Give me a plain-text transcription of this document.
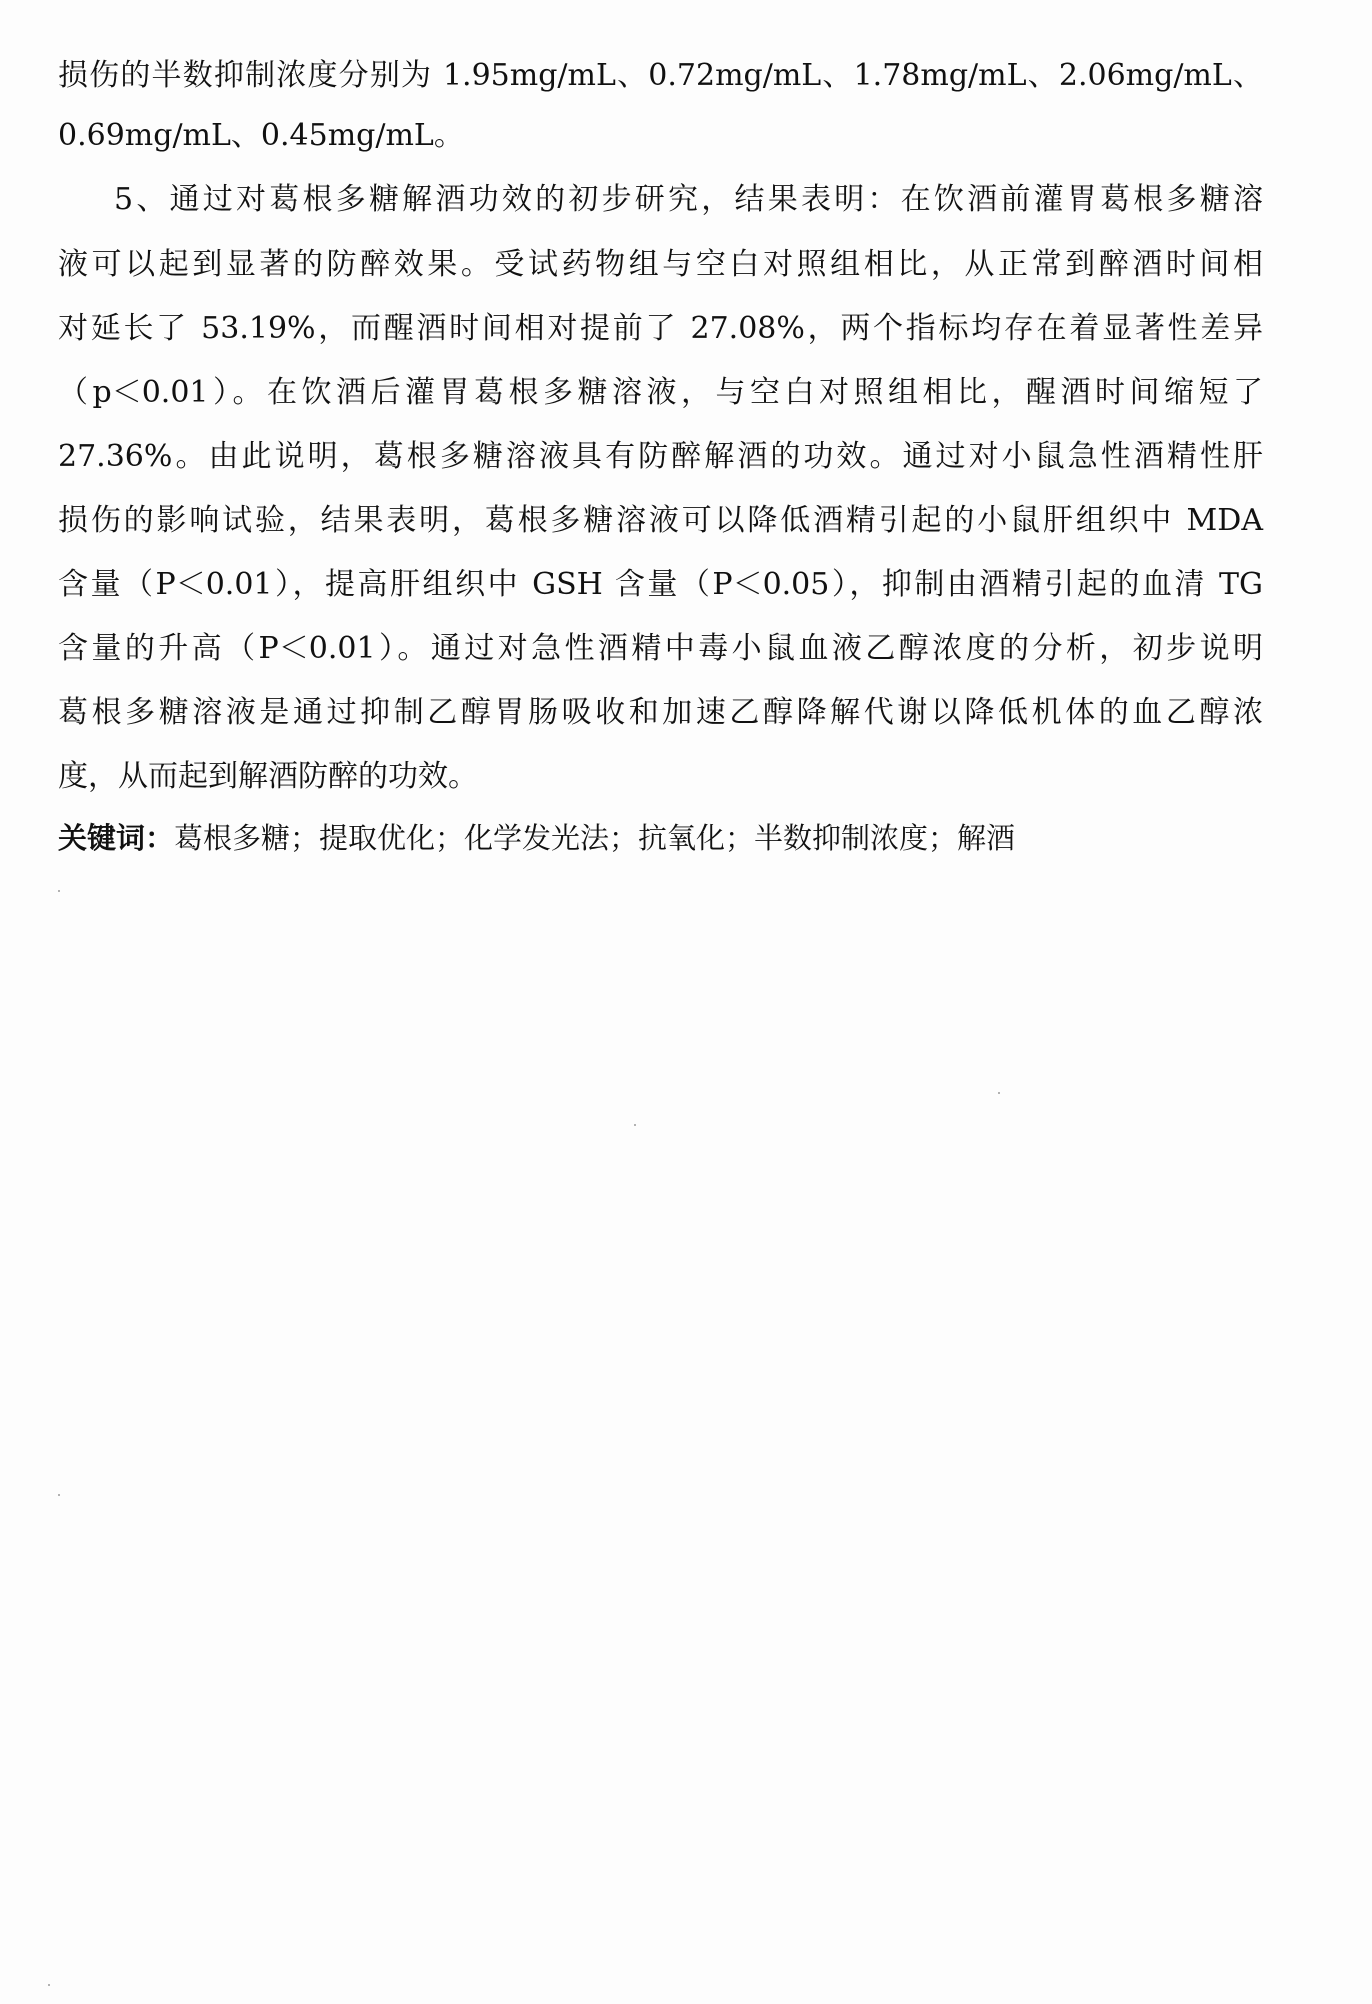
损伤的半数抑制浓度分别为 1.95mg/mL、0.72mg/mL、1.78mg/mL、2.06mg/mL、
0.69mg/mL、0.45mg/mL。
5、通过对葛根多糖解酒功效的初步研究，结果表明：在饮酒前灌胃葛根多糖溶
液可以起到显著的防醉效果。受试药物组与空白对照组相比，从正常到醉酒时间相
对延长了 53.19%，而醒酒时间相对提前了 27.08%，两个指标均存在着显著性差异
（p＜0.01）。在饮酒后灌胃葛根多糖溶液，与空白对照组相比，醒酒时间缩短了
27.36%。由此说明，葛根多糖溶液具有防醉解酒的功效。通过对小鼠急性酒精性肝
损伤的影响试验，结果表明，葛根多糖溶液可以降低酒精引起的小鼠肝组织中 MDA
含量（P＜0.01），提高肝组织中 GSH 含量（P＜0.05），抑制由酒精引起的血清 TG
含量的升高（P＜0.01）。通过对急性酒精中毒小鼠血液乙醇浓度的分析，初步说明
葛根多糖溶液是通过抑制乙醇胃肠吸收和加速乙醇降解代谢以降低机体的血乙醇浓
度，从而起到解酒防醉的功效。
关键词：葛根多糖；提取优化；化学发光法；抗氧化；半数抑制浓度；解酒
